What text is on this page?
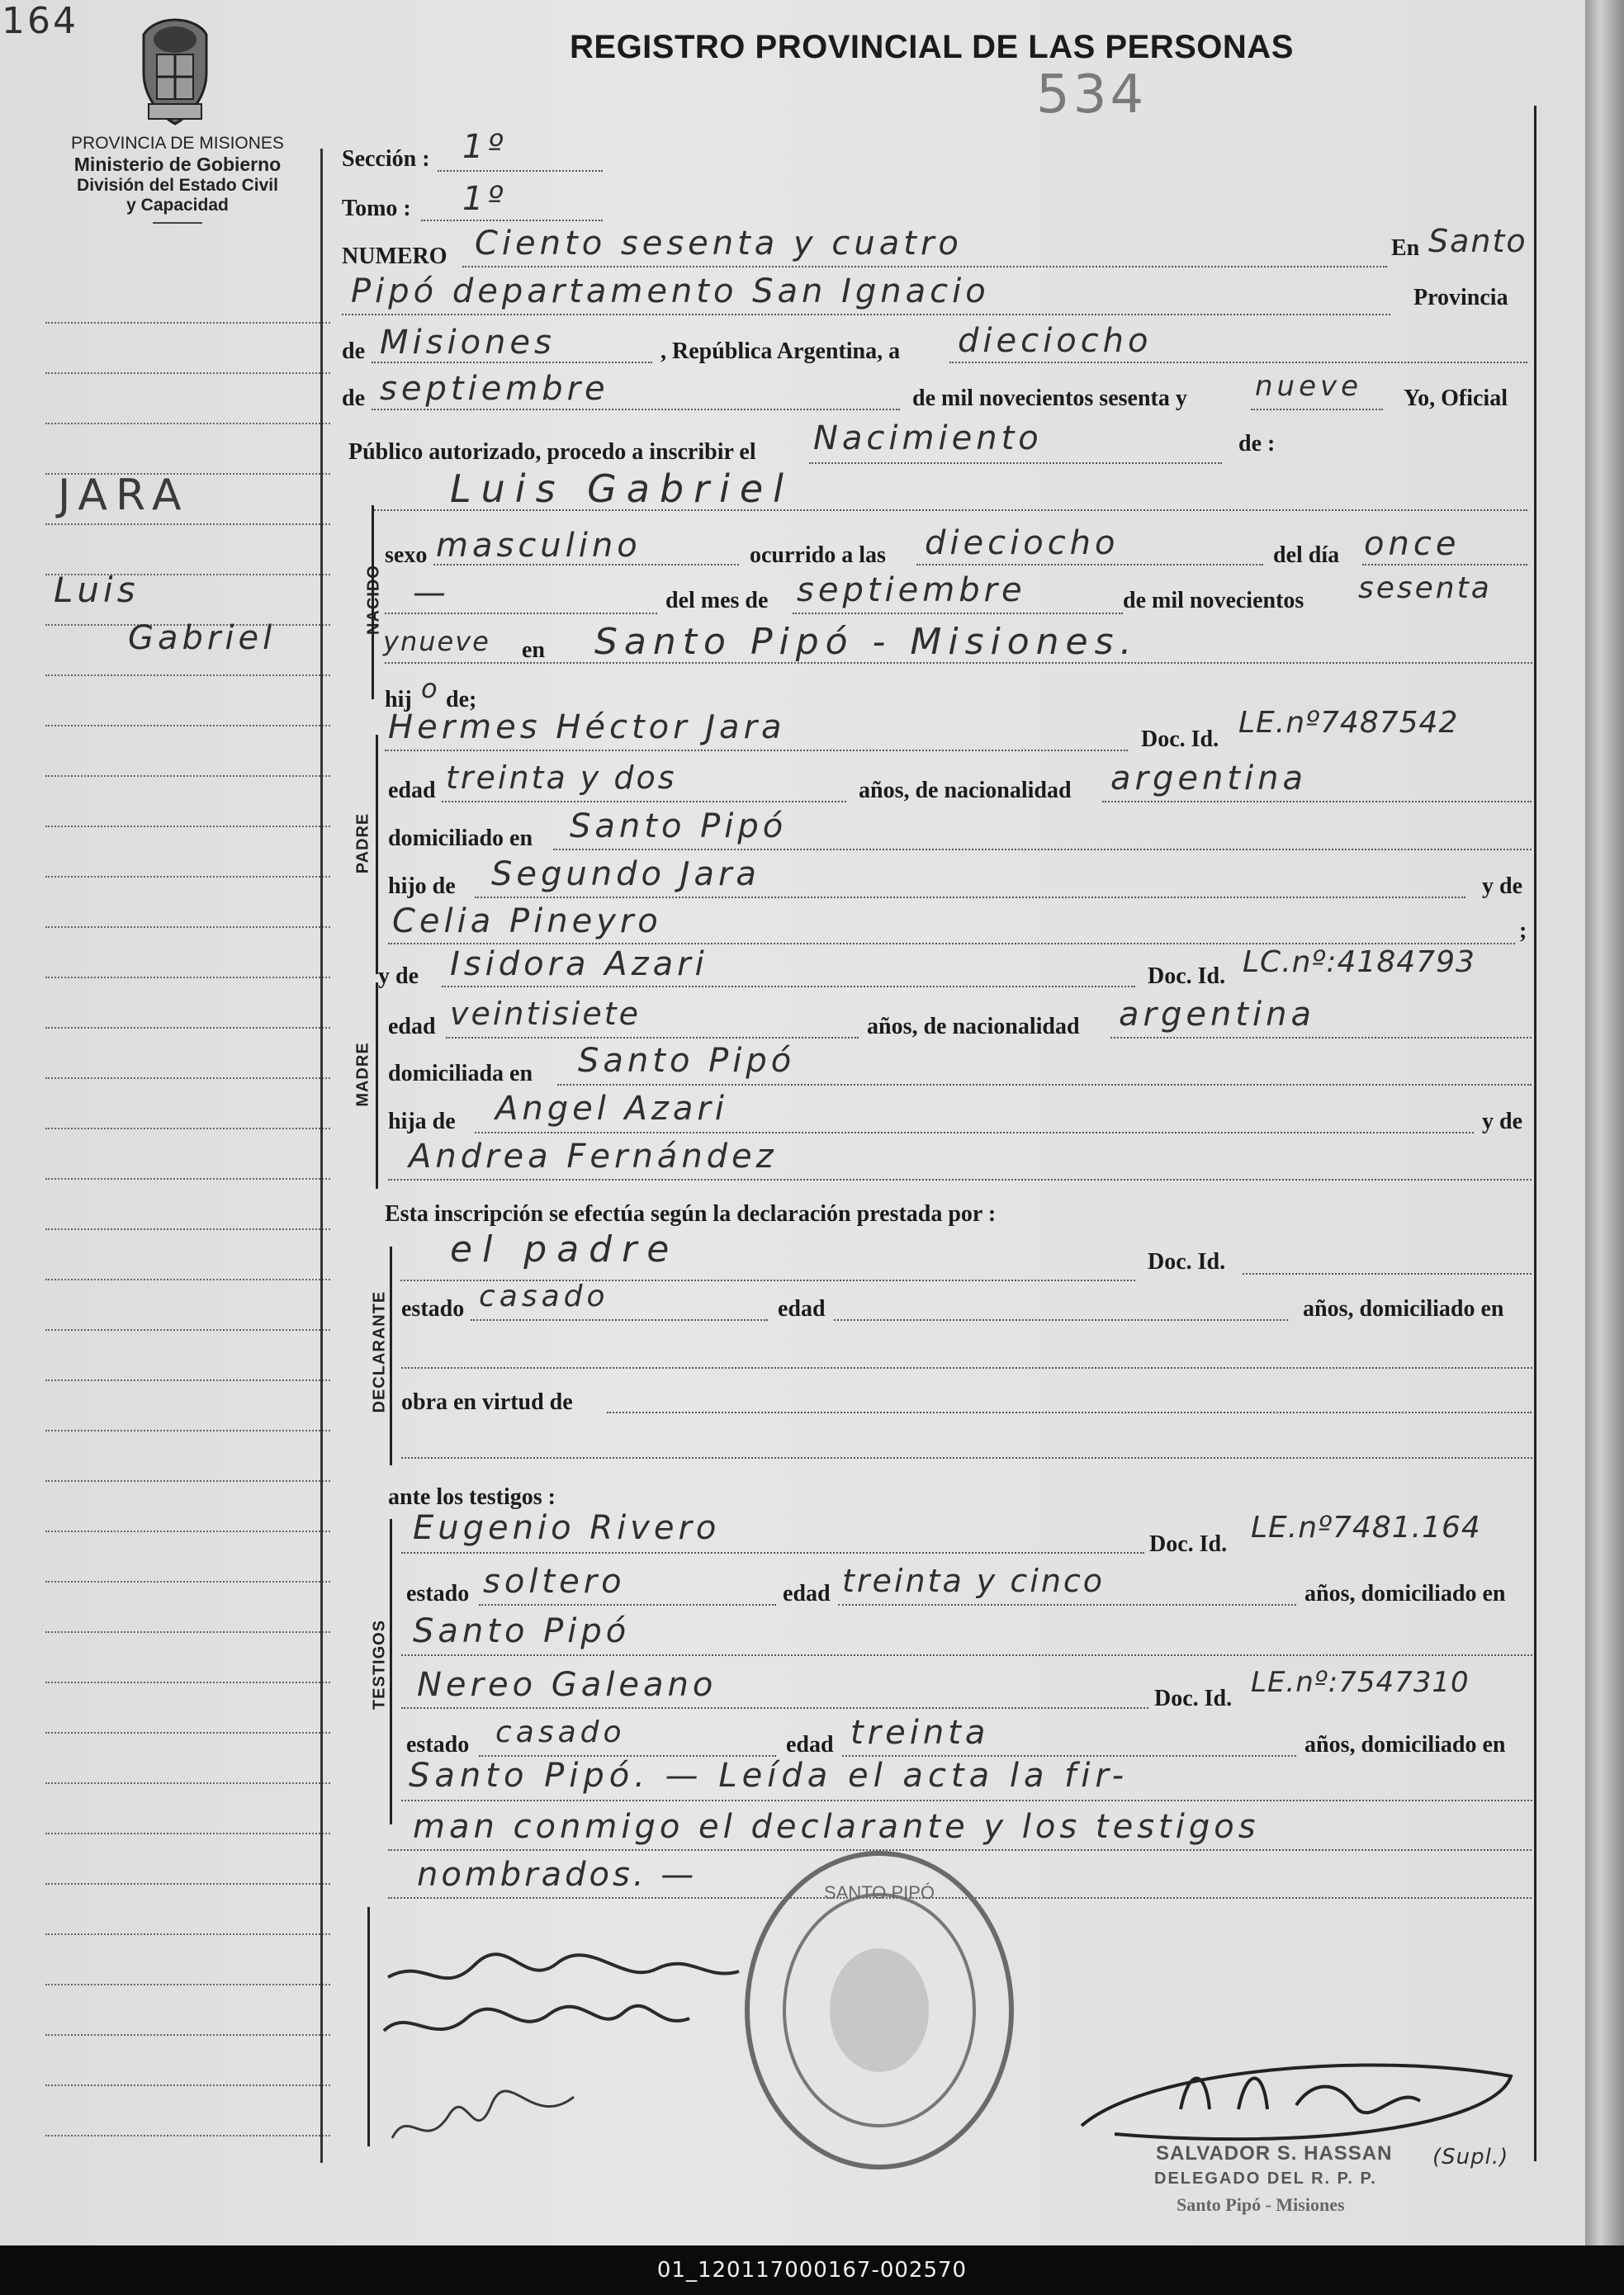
164
534
REGISTRO PROVINCIAL DE LAS PERSONAS
PROVINCIA DE MISIONES
Ministerio de Gobierno
División del Estado Civil
y Capacidad
JARA
Luis
Gabriel
Sección : 1º
Tomo : 1º
NUMERO Ciento sesenta y cuatro	En Santo
Pipó departamento San Ignacio	Provincia
de Misiones	, República Argentina, a dieciocho
de septiembre	de mil novecientos sesenta y nueve Yo, Oficial
Público autorizado, procedo a inscribir el Nacimiento	de :
Luis Gabriel
NACIDO
sexo masculino	ocurrido a las dieciocho	del día once
—	del mes de septiembre	de mil novecientos sesenta
ynueve en Santo Pipó - Misiones.
hij o de;
Hermes Héctor Jara	Doc. Id. LE.nº7487542
PADRE
edad treinta y dos	años, de nacionalidad argentina
domiciliado en Santo Pipó
hijo de Segundo Jara	y de
Celia Pineyro	;
y de Isidora Azari	Doc. Id. LC.nº:4184793
MADRE
edad veintisiete	años, de nacionalidad argentina
domiciliada en Santo Pipó
hija de Angel Azari	y de
Andrea Fernández
Esta inscripción se efectúa según la declaración prestada por :
DECLARANTE
el padre	Doc. Id.
estado casado	edad	años, domiciliado en
obra en virtud de
ante los testigos :
TESTIGOS
Eugenio Rivero	Doc. Id. LE.nº7481.164
estado soltero	edad treinta y cinco	años, domiciliado en
Santo Pipó
Nereo Galeano	Doc. Id. LE.nº:7547310
estado casado	edad treinta	años, domiciliado en
Santo Pipó. — Leída el acta la fir-
man conmigo el declarante y los testigos
nombrados. —	SANTO PIPÓ
SALVADOR S. HASSAN
DELEGADO DEL R. P. P.
Santo Pipó - Misiones
(Supl.)
01_120117000167-002570
